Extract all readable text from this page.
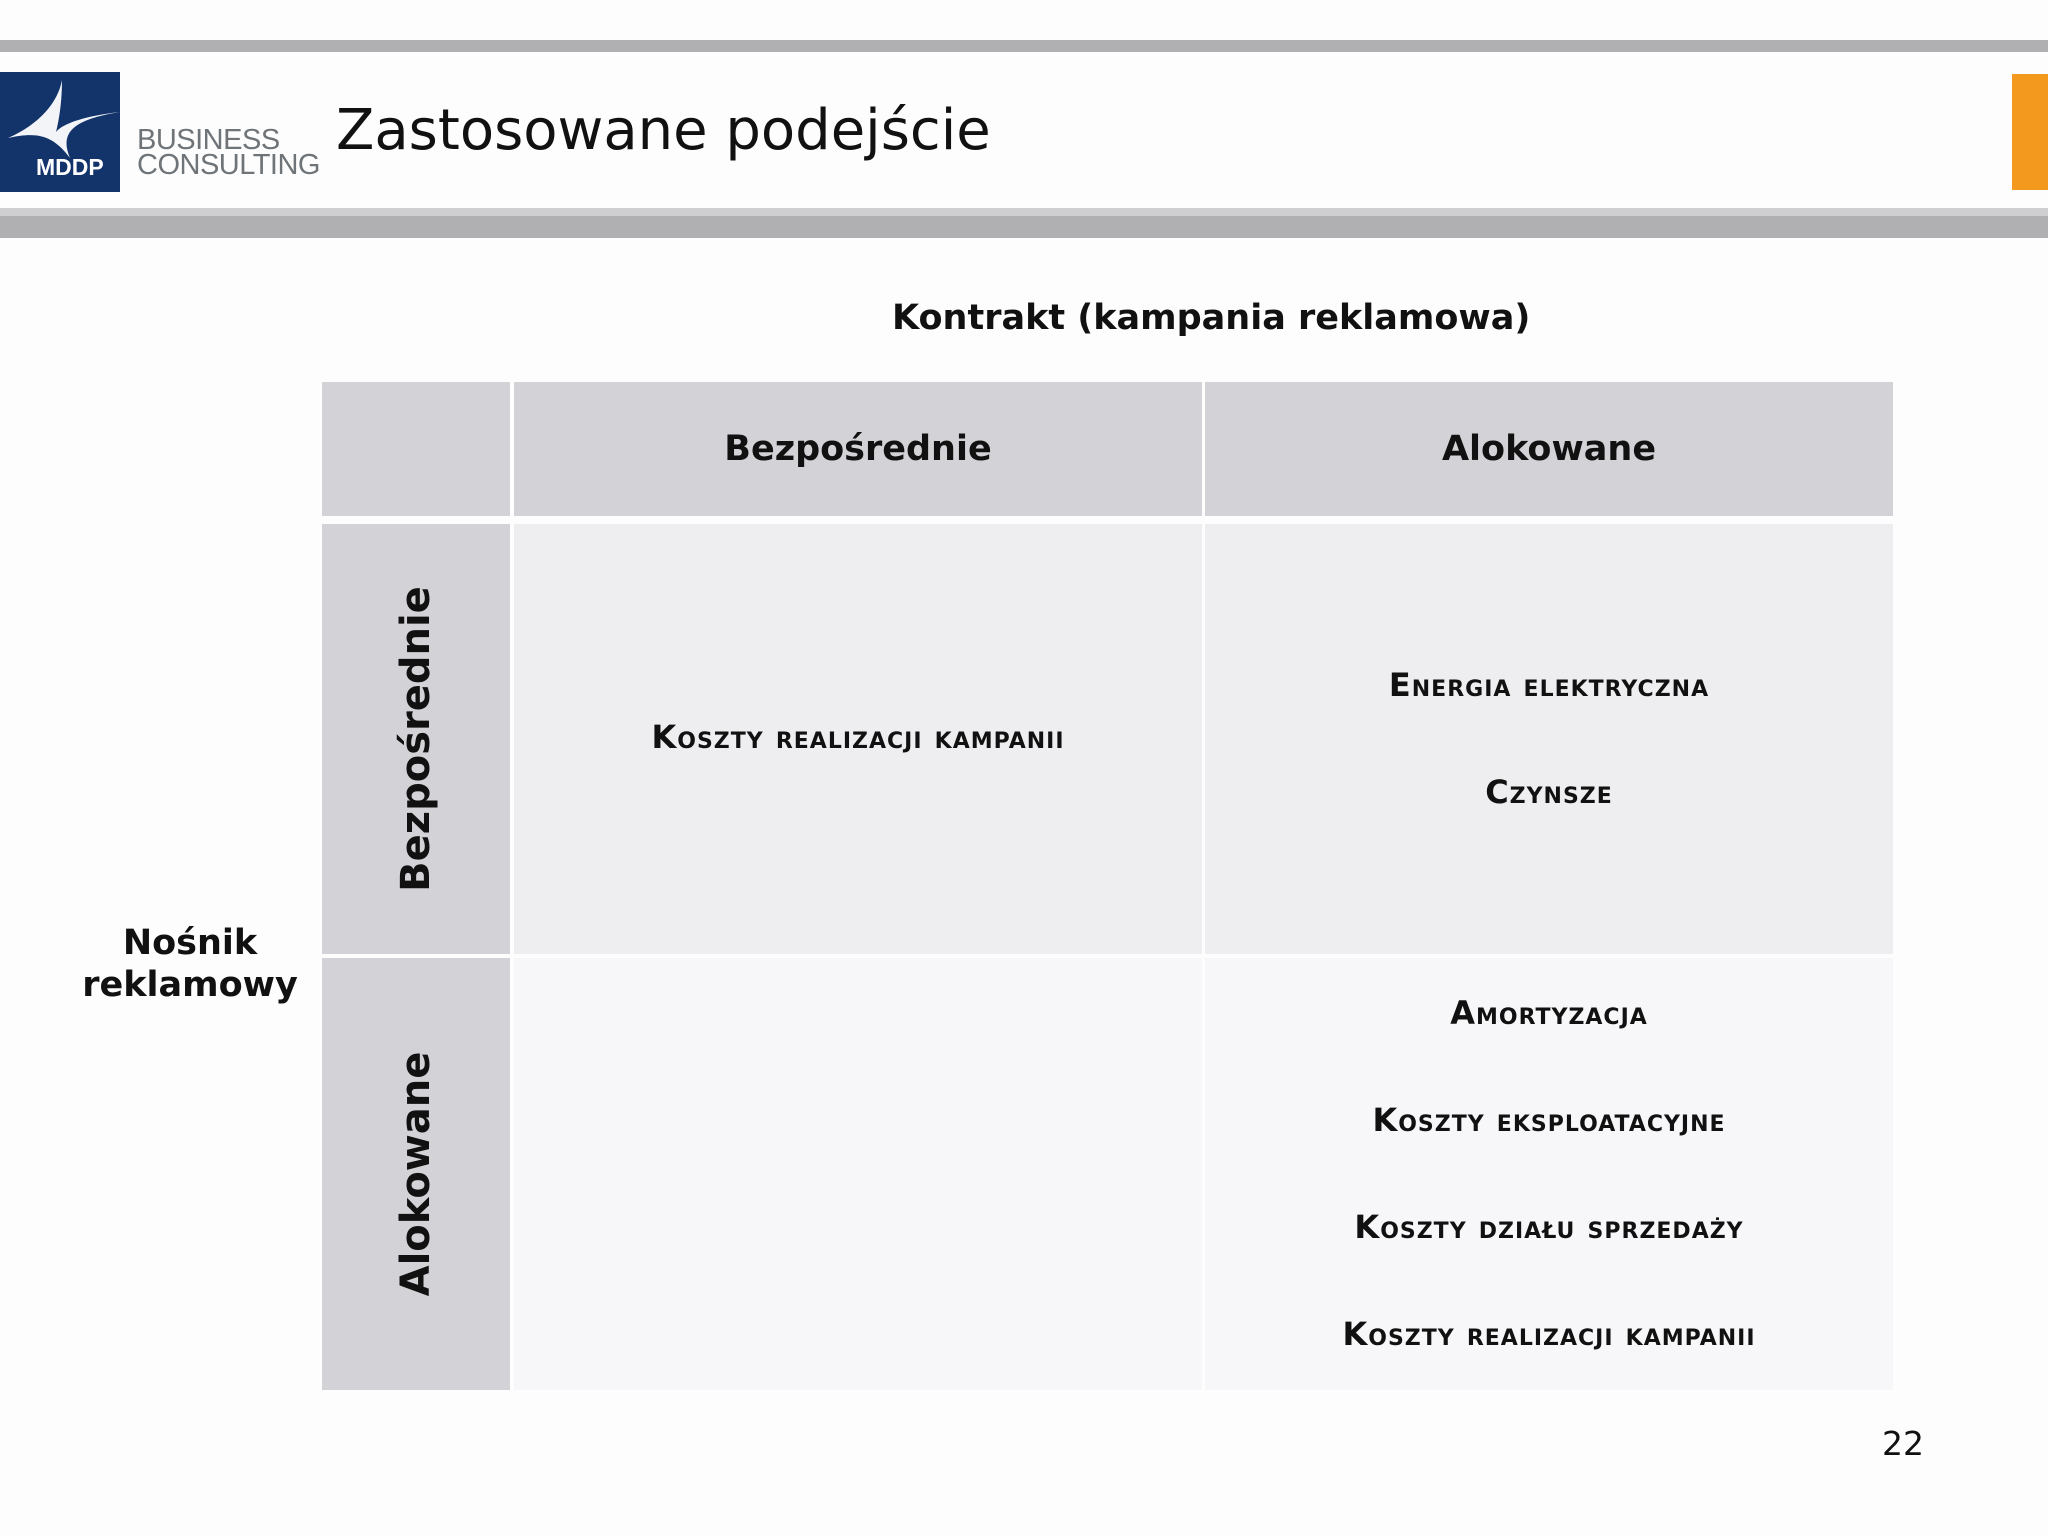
MDDP
BUSINESS
CONSULTING
Zastosowane podejście
Kontrakt (kampania reklamowa)
Nośnik
reklamowy
Bezpośrednie	Alokowane
Bezpośrednie
Alokowane
Koszty realizacji kampanii
Energia elektryczna
Czynsze
Amortyzacja
Koszty eksploatacyjne
Koszty działu sprzedaży
Koszty realizacji kampanii
22
